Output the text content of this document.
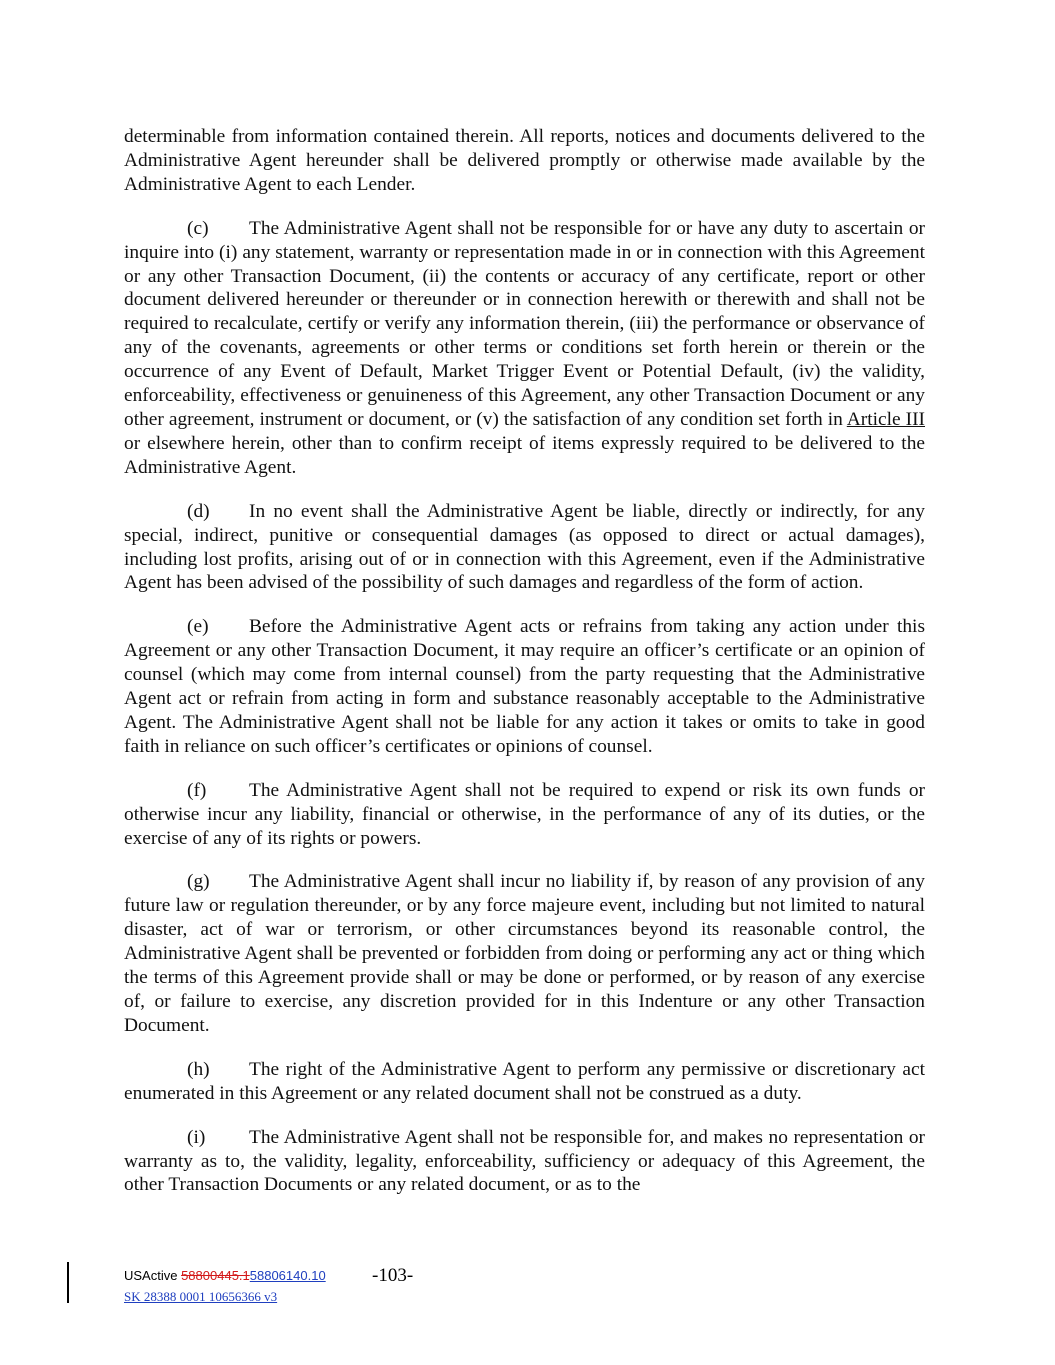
determinable from information contained therein. All reports, notices and documents delivered to the Administrative Agent hereunder shall be delivered promptly or otherwise made available by the Administrative Agent to each Lender.

(c) The Administrative Agent shall not be responsible for or have any duty to ascertain or inquire into (i) any statement, warranty or representation made in or in connection with this Agreement or any other Transaction Document, (ii) the contents or accuracy of any certificate, report or other document delivered hereunder or thereunder or in connection herewith or therewith and shall not be required to recalculate, certify or verify any information therein, (iii) the performance or observance of any of the covenants, agreements or other terms or conditions set forth herein or therein or the occurrence of any Event of Default, Market Trigger Event or Potential Default, (iv) the validity, enforceability, effectiveness or genuineness of this Agreement, any other Transaction Document or any other agreement, instrument or document, or (v) the satisfaction of any condition set forth in Article III or elsewhere herein, other than to confirm receipt of items expressly required to be delivered to the Administrative Agent.

(d) In no event shall the Administrative Agent be liable, directly or indirectly, for any special, indirect, punitive or consequential damages (as opposed to direct or actual damages), including lost profits, arising out of or in connection with this Agreement, even if the Administrative Agent has been advised of the possibility of such damages and regardless of the form of action.

(e) Before the Administrative Agent acts or refrains from taking any action under this Agreement or any other Transaction Document, it may require an officer’s certificate or an opinion of counsel (which may come from internal counsel) from the party requesting that the Administrative Agent act or refrain from acting in form and substance reasonably acceptable to the Administrative Agent. The Administrative Agent shall not be liable for any action it takes or omits to take in good faith in reliance on such officer’s certificates or opinions of counsel.

(f) The Administrative Agent shall not be required to expend or risk its own funds or otherwise incur any liability, financial or otherwise, in the performance of any of its duties, or the exercise of any of its rights or powers.

(g) The Administrative Agent shall incur no liability if, by reason of any provision of any future law or regulation thereunder, or by any force majeure event, including but not limited to natural disaster, act of war or terrorism, or other circumstances beyond its reasonable control, the Administrative Agent shall be prevented or forbidden from doing or performing any act or thing which the terms of this Agreement provide shall or may be done or performed, or by reason of any exercise of, or failure to exercise, any discretion provided for in this Indenture or any other Transaction Document.

(h) The right of the Administrative Agent to perform any permissive or discretionary act enumerated in this Agreement or any related document shall not be construed as a duty.

(i) The Administrative Agent shall not be responsible for, and makes no representation or warranty as to, the validity, legality, enforceability, sufficiency or adequacy of this Agreement, the other Transaction Documents or any related document, or as to the

USActive 58800445.158806140.10 -103-
SK 28388 0001 10656366 v3
